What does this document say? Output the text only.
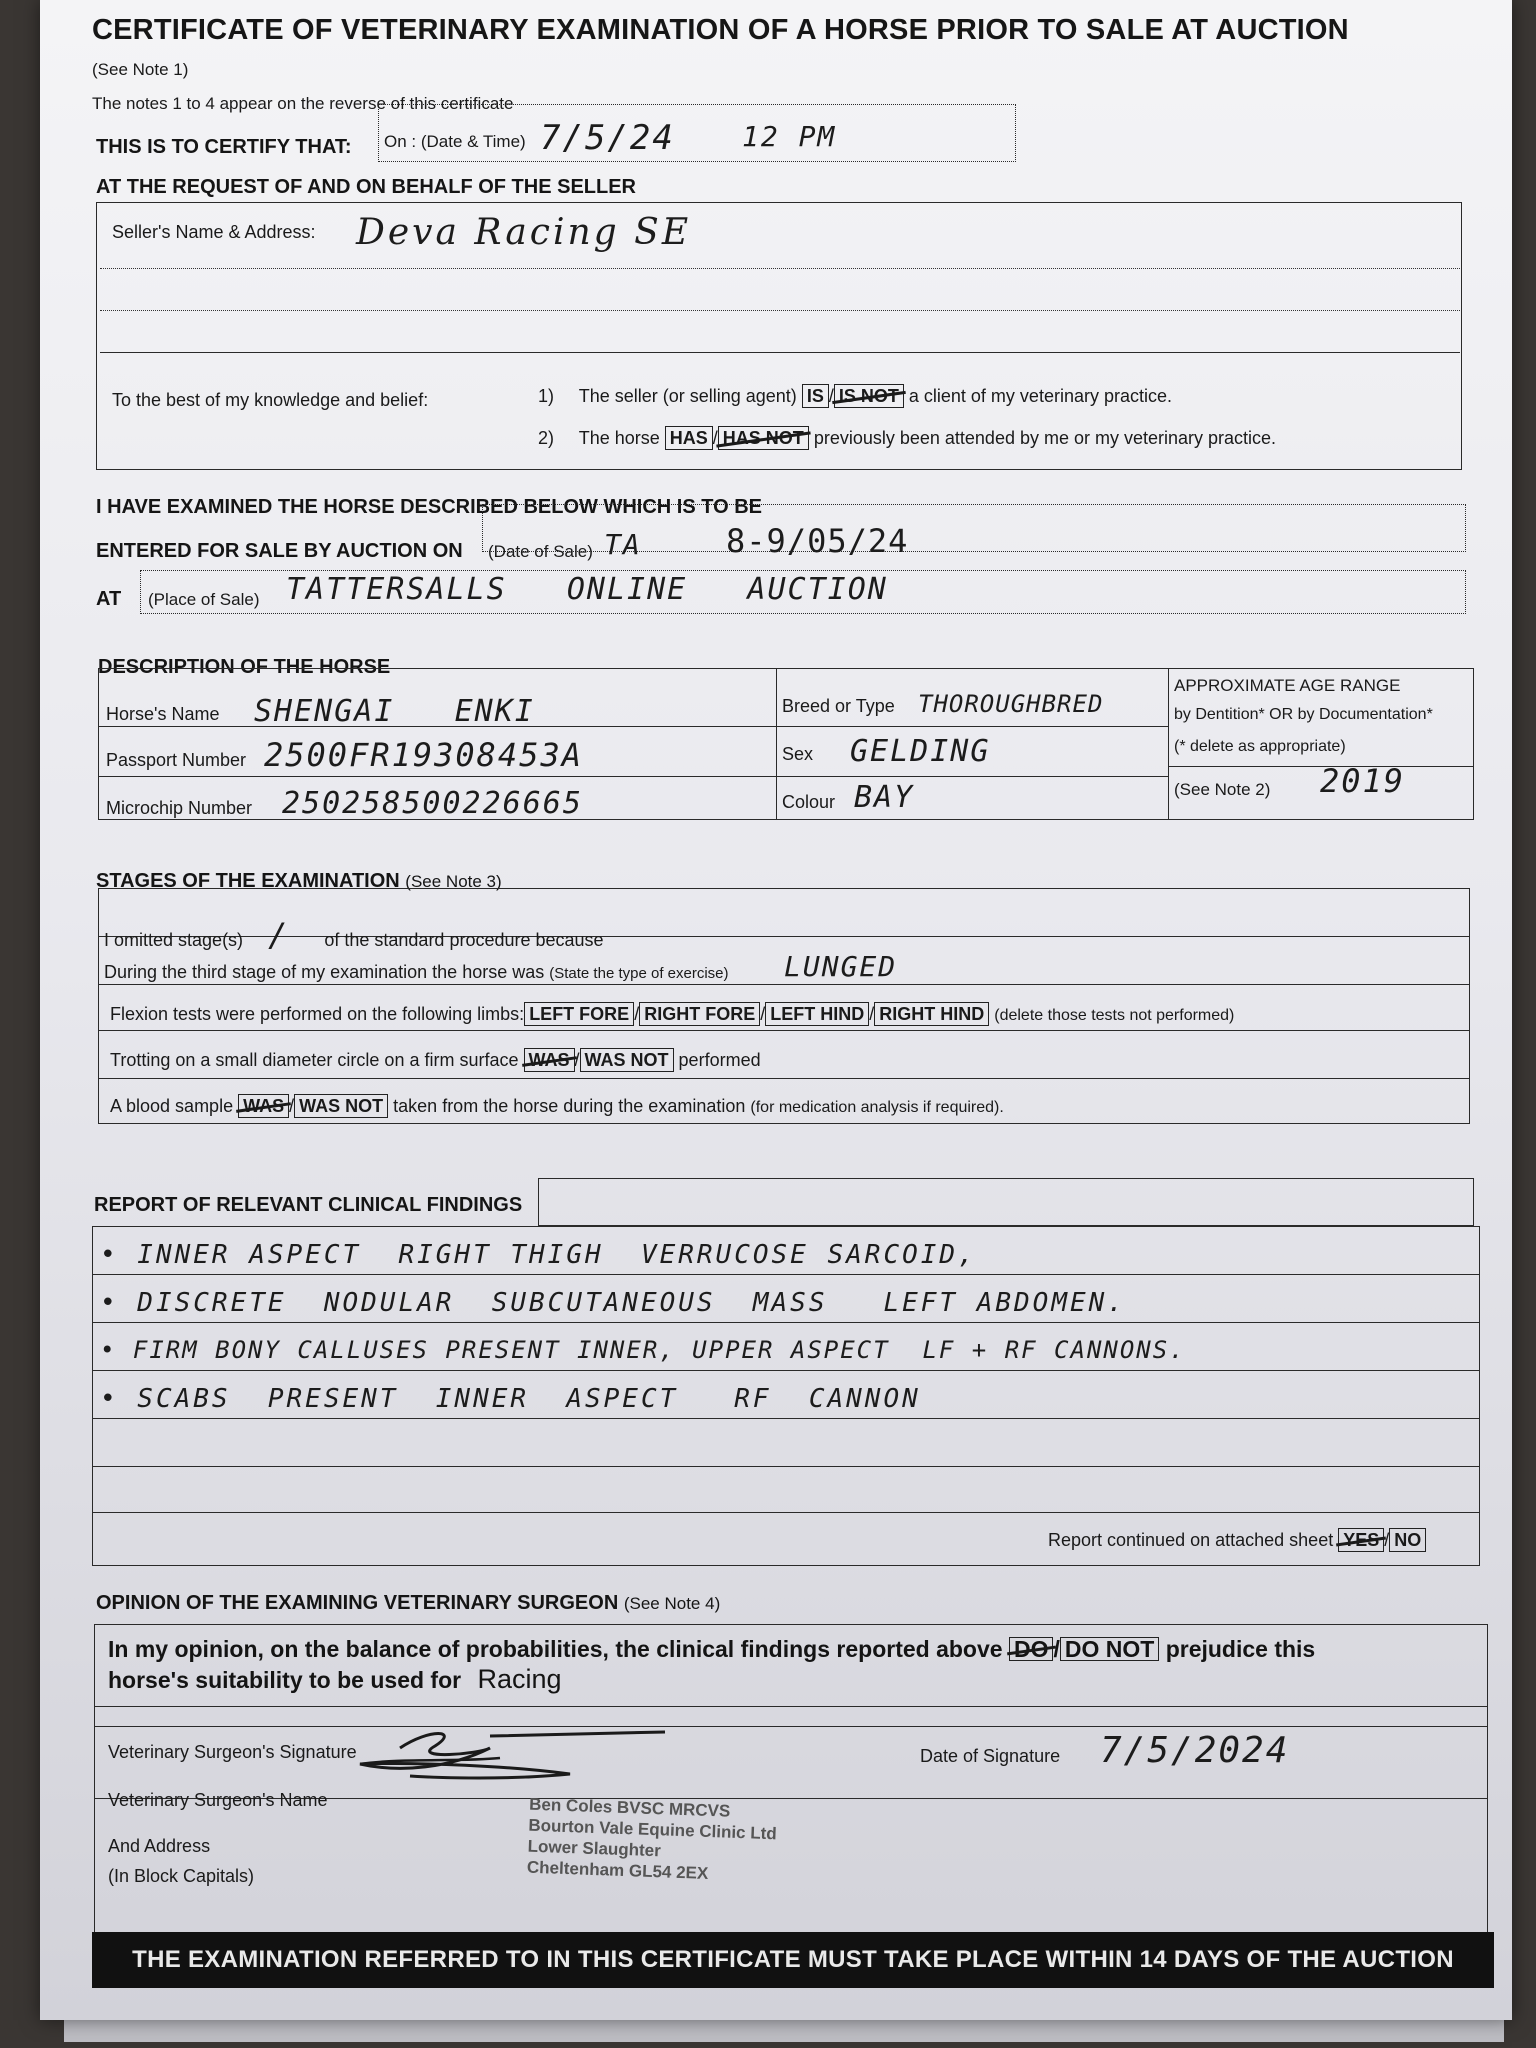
CERTIFICATE OF VETERINARY EXAMINATION OF A HORSE PRIOR TO SALE AT AUCTION
(See Note 1)
The notes 1 to 4 appear on the reverse of this certificate
THIS IS TO CERTIFY THAT: On : (Date & Time) 7/5/24 12 PM
AT THE REQUEST OF AND ON BEHALF OF THE SELLER
Seller's Name & Address: Deva Racing SE
To the best of my knowledge and belief:	1) The seller (or selling agent) IS / IS NOT a client of my veterinary practice.
2) The horse HAS / HAS NOT previously been attended by me or my veterinary practice.
I HAVE EXAMINED THE HORSE DESCRIBED BELOW WHICH IS TO BE
ENTERED FOR SALE BY AUCTION ON (Date of Sale) TA	8-9/05/24
AT (Place of Sale) TATTERSALLS   ONLINE   AUCTION
DESCRIPTION OF THE HORSE
Horse's Name SHENGAI   ENKI
Passport Number 2500FR19308453A
Microchip Number 250258500226665
Breed or Type THOROUGHBRED
Sex GELDING
Colour BAY
APPROXIMATE AGE RANGE
by Dentition* OR by Documentation*
(* delete as appropriate)
(See Note 2) 2019
STAGES OF THE EXAMINATION (See Note 3)
I omitted stage(s) / of the standard procedure because
During the third stage of my examination the horse was (State the type of exercise) LUNGED
Flexion tests were performed on the following limbs: LEFT FORE / RIGHT FORE / LEFT HIND / RIGHT HIND (delete those tests not performed)
Trotting on a small diameter circle on a firm surface WAS / WAS NOT performed
A blood sample WAS / WAS NOT taken from the horse during the examination (for medication analysis if required).
REPORT OF RELEVANT CLINICAL FINDINGS
• INNER ASPECT  RIGHT THIGH  VERRUCOSE SARCOID,
• DISCRETE  NODULAR  SUBCUTANEOUS  MASS   LEFT ABDOMEN.
• FIRM BONY CALLUSES PRESENT INNER, UPPER ASPECT  LF + RF CANNONS.
• SCABS  PRESENT  INNER  ASPECT   RF  CANNON
Report continued on attached sheet YES / NO
OPINION OF THE EXAMINING VETERINARY SURGEON (See Note 4)
In my opinion, on the balance of probabilities, the clinical findings reported above DO / DO NOT prejudice this
horse's suitability to be used for Racing
Veterinary Surgeon's Signature	Date of Signature 7/5/2024
Veterinary Surgeon's Name
And Address
(In Block Capitals)
Ben Coles BVSC MRCVS
Bourton Vale Equine Clinic Ltd
Lower Slaughter
Cheltenham GL54 2EX
THE EXAMINATION REFERRED TO IN THIS CERTIFICATE MUST TAKE PLACE WITHIN 14 DAYS OF THE AUCTION
